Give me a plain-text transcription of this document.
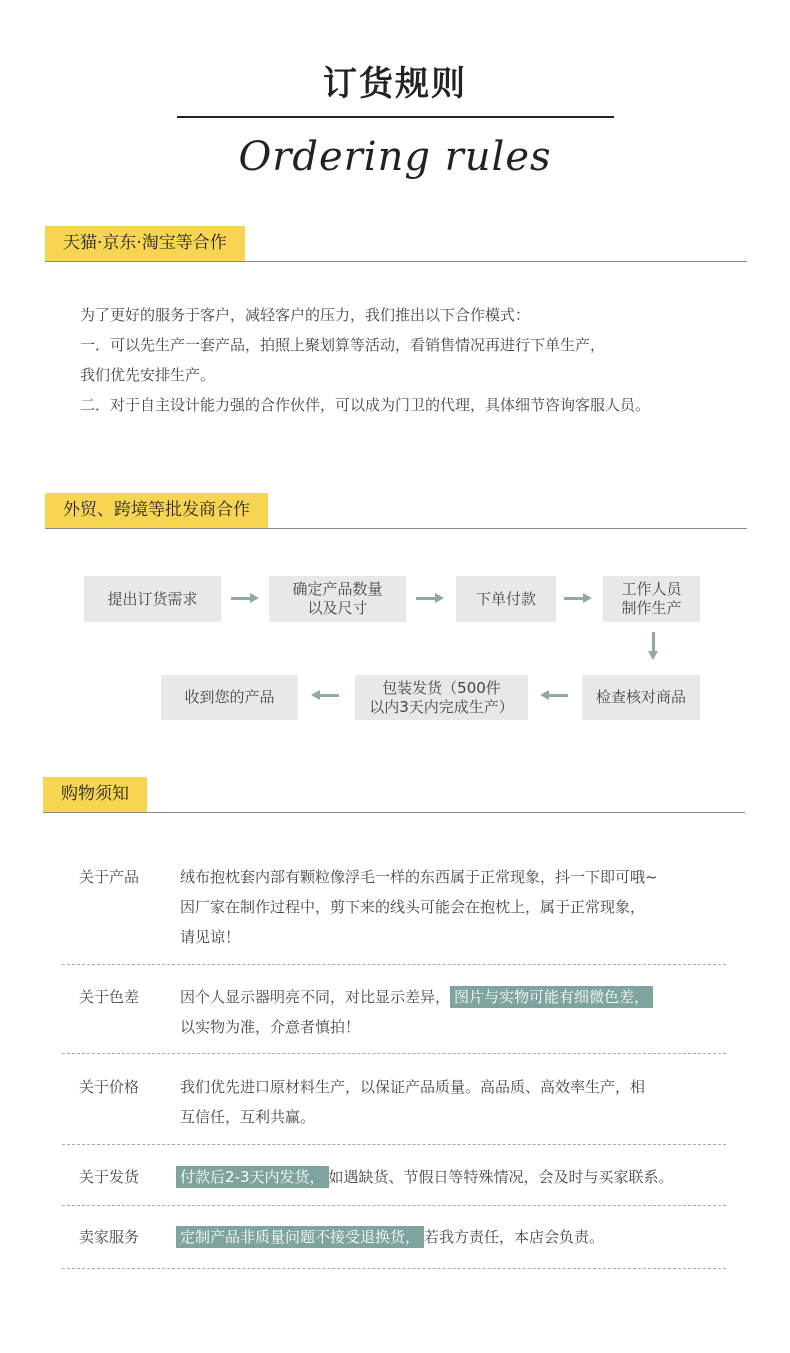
订货规则
Ordering rules
天猫·京东·淘宝等合作

为了更好的服务于客户，减轻客户的压力，我们推出以下合作模式：

一．可以先生产一套产品，拍照上聚划算等活动，看销售情况再进行下单生产，

我们优先安排生产。

二．对于自主设计能力强的合作伙伴，可以成为门卫的代理，具体细节咨询客服人员。

外贸、跨境等批发商合作
提出订货需求
确定产品数量
以及尺寸
下单付款
工作人员
制作生产
检查核对商品
包装发货（500件
以内3天内完成生产）
收到您的产品
购物须知
关于产品	绒布抱枕套内部有颗粒像浮毛一样的东西属于正常现象，抖一下即可哦~

因厂家在制作过程中，剪下来的线头可能会在抱枕上，属于正常现象，

请见谅！

关于色差	因个人显示器明亮不同，对比显示差异， 图片与实物可能有细微色差，

以实物为准，介意者慎拍！

关于价格	我们优先进口原材料生产，以保证产品质量。高品质、高效率生产，相

互信任，互利共赢。

关于发货	付款后2-3天内发货， 如遇缺货、节假日等特殊情况，会及时与买家联系。

卖家服务	定制产品非质量问题不接受退换货， 若我方责任，本店会负责。
